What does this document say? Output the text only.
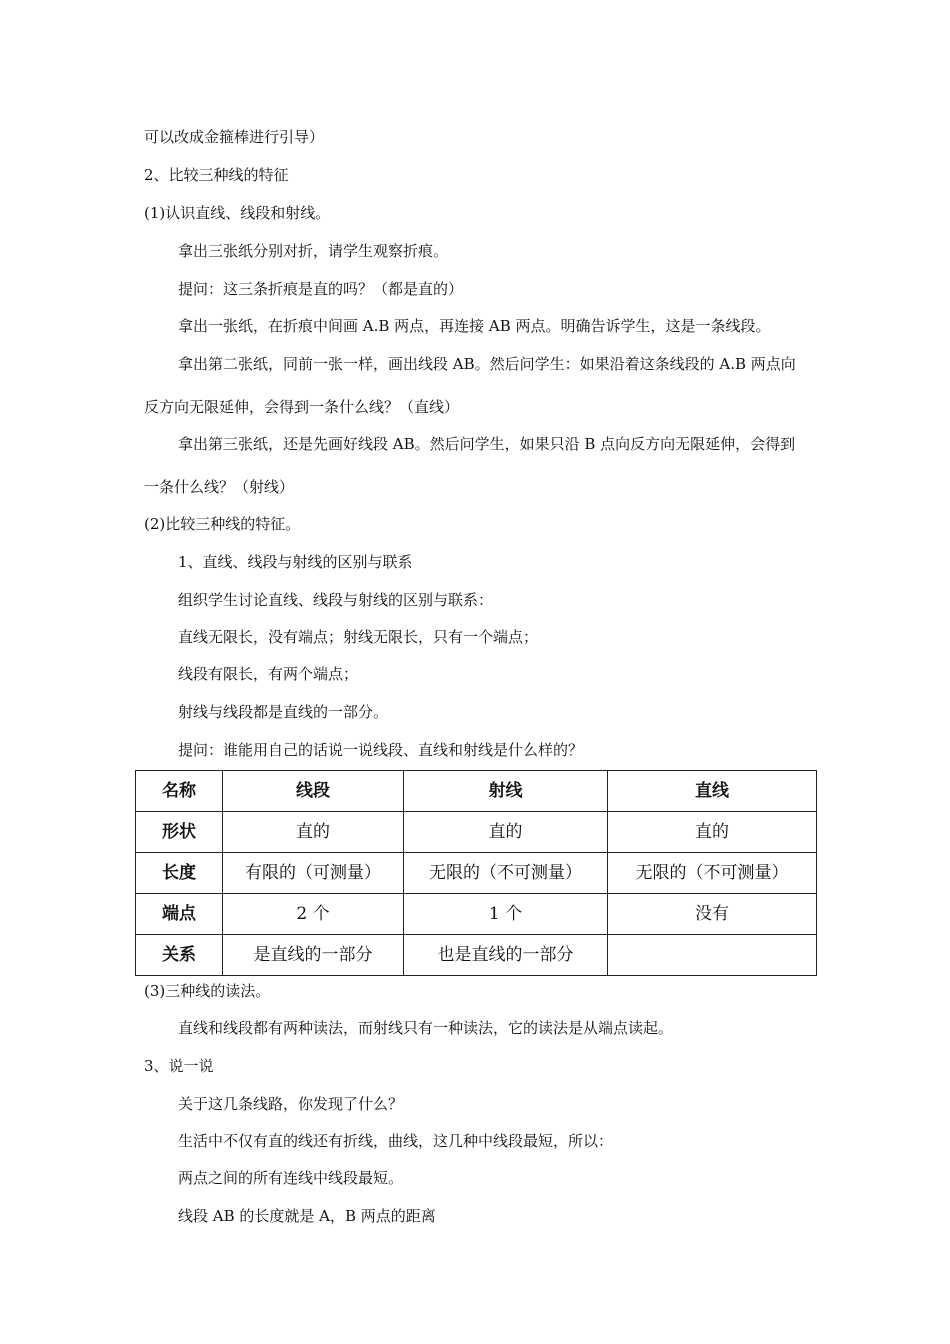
可以改成金箍棒进行引导）
2、比较三种线的特征
(1)认识直线、线段和射线。
拿出三张纸分别对折，请学生观察折痕。
提问：这三条折痕是直的吗？（都是直的）
拿出一张纸，在折痕中间画 A.B 两点，再连接 AB 两点。明确告诉学生，这是一条线段。
拿出第二张纸，同前一张一样，画出线段 AB。然后问学生：如果沿着这条线段的 A.B 两点向
反方向无限延伸，会得到一条什么线？（直线）
拿出第三张纸，还是先画好线段 AB。然后问学生，如果只沿 B 点向反方向无限延伸，会得到
一条什么线？（射线）
(2)比较三种线的特征。
1、直线、线段与射线的区别与联系
组织学生讨论直线、线段与射线的区别与联系：
直线无限长，没有端点；射线无限长，只有一个端点；
线段有限长，有两个端点；
射线与线段都是直线的一部分。
提问：谁能用自己的话说一说线段、直线和射线是什么样的？
名称	线段	射线	直线
形状	直的	直的	直的
长度	有限的（可测量）	无限的（不可测量）	无限的（不可测量）
端点	2 个	1 个	没有
关系	是直线的一部分	也是直线的一部分	
(3)三种线的读法。
直线和线段都有两种读法，而射线只有一种读法，它的读法是从端点读起。
3、说一说
关于这几条线路，你发现了什么？
生活中不仅有直的线还有折线，曲线，这几种中线段最短，所以：
两点之间的所有连线中线段最短。
线段 AB 的长度就是 A，B 两点的距离
